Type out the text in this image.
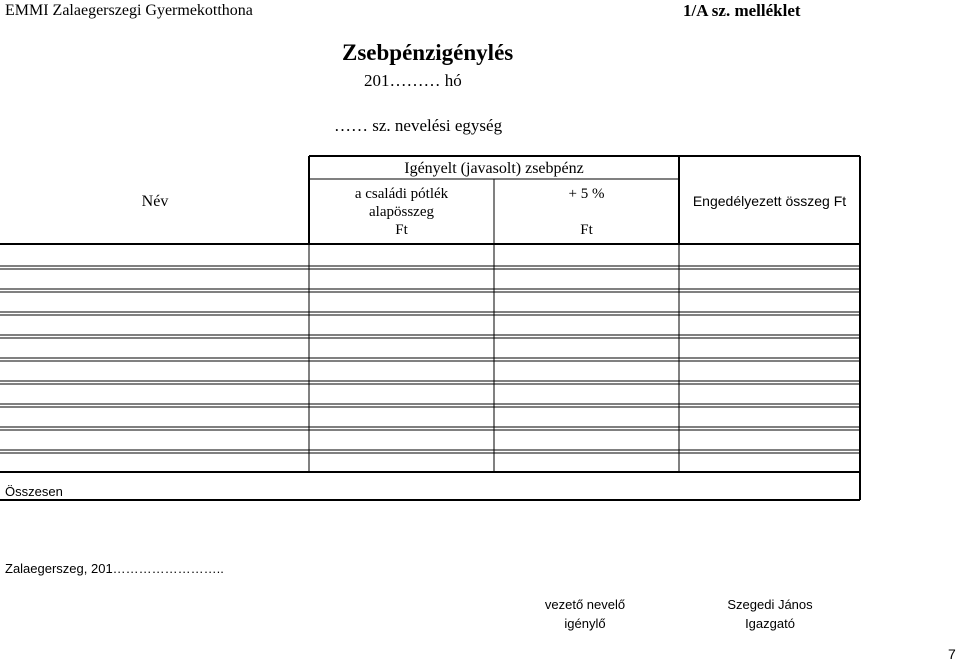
EMMI Zalaegerszegi Gyermekotthona	1/A sz. melléklet
Zsebpénzigénylés
201……… hó
…… sz. nevelési egység
Név
Igényelt (javasolt) zsebpénz
a családi pótlék
alapösszeg
Ft
+ 5 %
Ft
Engedélyezett összeg Ft
Összesen
Zalaegerszeg, 201……………………..
vezető nevelő
igénylő
Szegedi János
Igazgató
7
